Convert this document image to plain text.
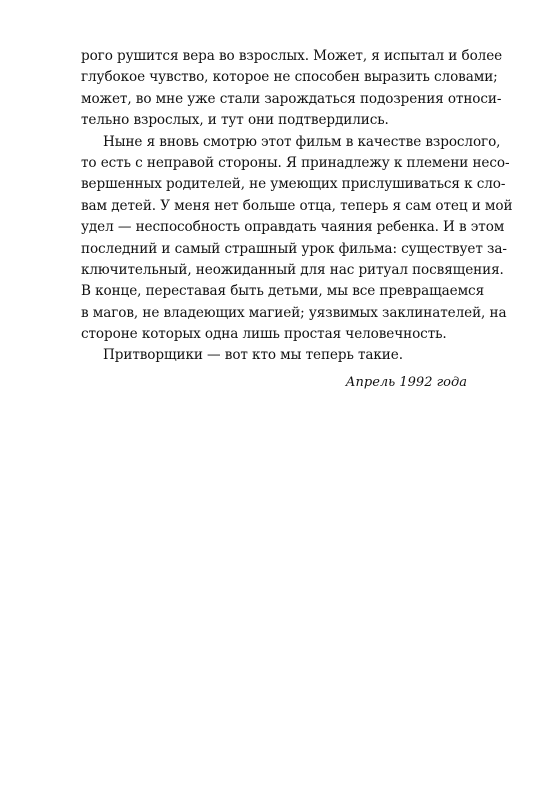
рого рушится вера во взрослых. Может, я испытал и более
глубокое чувство, которое не способен выразить словами;
может, во мне уже стали зарождаться подозрения относи-
тельно взрослых, и тут они подтвердились.
Ныне я вновь смотрю этот фильм в качестве взрослого,
то есть с неправой стороны. Я принадлежу к племени несо-
вершенных родителей, не умеющих прислушиваться к сло-
вам детей. У меня нет больше отца, теперь я сам отец и мой
удел — неспособность оправдать чаяния ребенка. И в этом
последний и самый страшный урок фильма: существует за-
ключительный, неожиданный для нас ритуал посвящения.
В конце, переставая быть детьми, мы все превращаемся
в магов, не владеющих магией; уязвимых заклинателей, на
стороне которых одна лишь простая человечность.
Притворщики — вот кто мы теперь такие.
Апрель 1992 года
